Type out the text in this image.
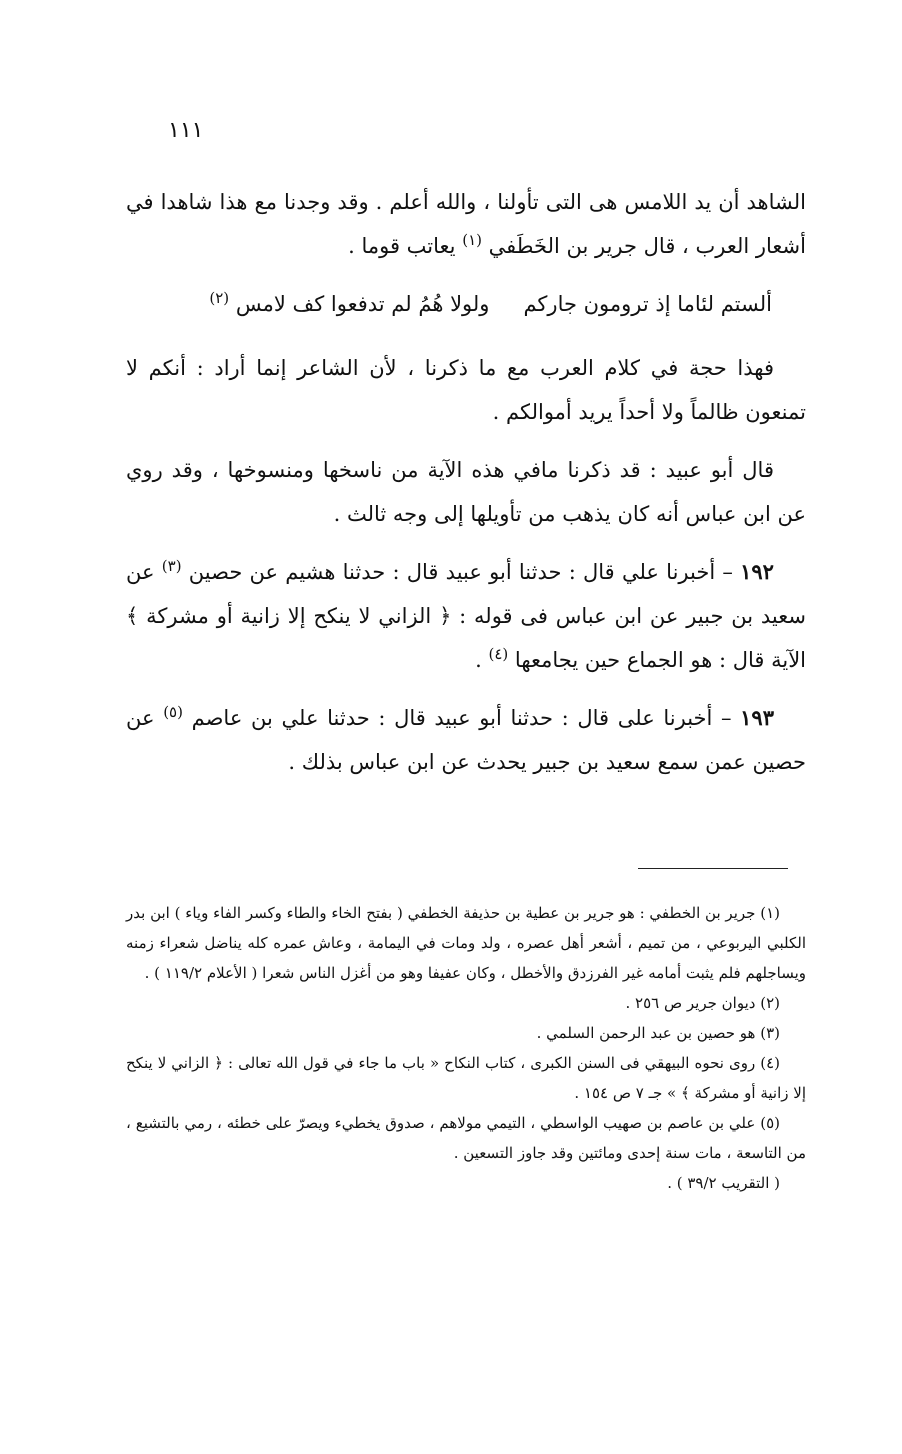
١١١

الشاهد أن يد اللامس هى التى تأولنا ، والله أعلم . وقد وجدنا مع هذا شاهدا في أشعار العرب ، قال جرير بن الخَطَفي $^{(١)}$ يعاتب قوما .

ألستم لئاما إذ ترومون جاركم
ولولا هُمُ لم تدفعوا كف لامس $^{(٢)}$

فهذا حجة في كلام العرب مع ما ذكرنا ، لأن الشاعر إنما أراد : أنكم لا تمنعون ظالماً ولا أحداً يريد أموالكم .

قال أبو عبيد : قد ذكرنا مافي هذه الآية من ناسخها ومنسوخها ، وقد روي عن ابن عباس أنه كان يذهب من تأويلها إلى وجه ثالث .

١٩٢ – أخبرنا علي قال : حدثنا أبو عبيد قال : حدثنا هشيم عن حصين $^{(٣)}$ عن سعيد بن جبير عن ابن عباس فى قوله : ﴿ الزاني لا ينكح إلا زانية أو مشركة ﴾ الآية قال : هو الجماع حين يجامعها $^{(٤)}$ .

١٩٣ – أخبرنا على قال : حدثنا أبو عبيد قال : حدثنا علي بن عاصم $^{(٥)}$ عن حصين عمن سمع سعيد بن جبير يحدث عن ابن عباس بذلك .

(١) جرير بن الخطفي : هو جرير بن عطية بن حذيفة الخطفي ( بفتح الخاء والطاء وكسر الفاء وياء ) ابن بدر الكلبي اليربوعي ، من تميم ، أشعر أهل عصره ، ولد ومات في اليمامة ، وعاش عمره كله يناضل شعراء زمنه ويساجلهم فلم يثبت أمامه غير الفرزدق والأخطل ، وكان عفيفا وهو من أغزل الناس شعرا ( الأعلام ١١٩/٢ ) .

(٢) ديوان جرير ص ٢٥٦ .

(٣) هو حصين بن عبد الرحمن السلمي .

(٤) روى نحوه البيهقي فى السنن الكبرى ، كتاب النكاح « باب ما جاء في قول الله تعالى : ﴿ الزاني لا ينكح إلا زانية أو مشركة ﴾ » جـ ٧ ص ١٥٤ .

(٥) علي بن عاصم بن صهيب الواسطي ، التيمي مولاهم ، صدوق يخطيء ويصرّ على خطئه ، رمي بالتشيع ، من التاسعة ، مات سنة إحدى ومائتين وقد جاوز التسعين .

( التقريب ٣٩/٢ ) .
